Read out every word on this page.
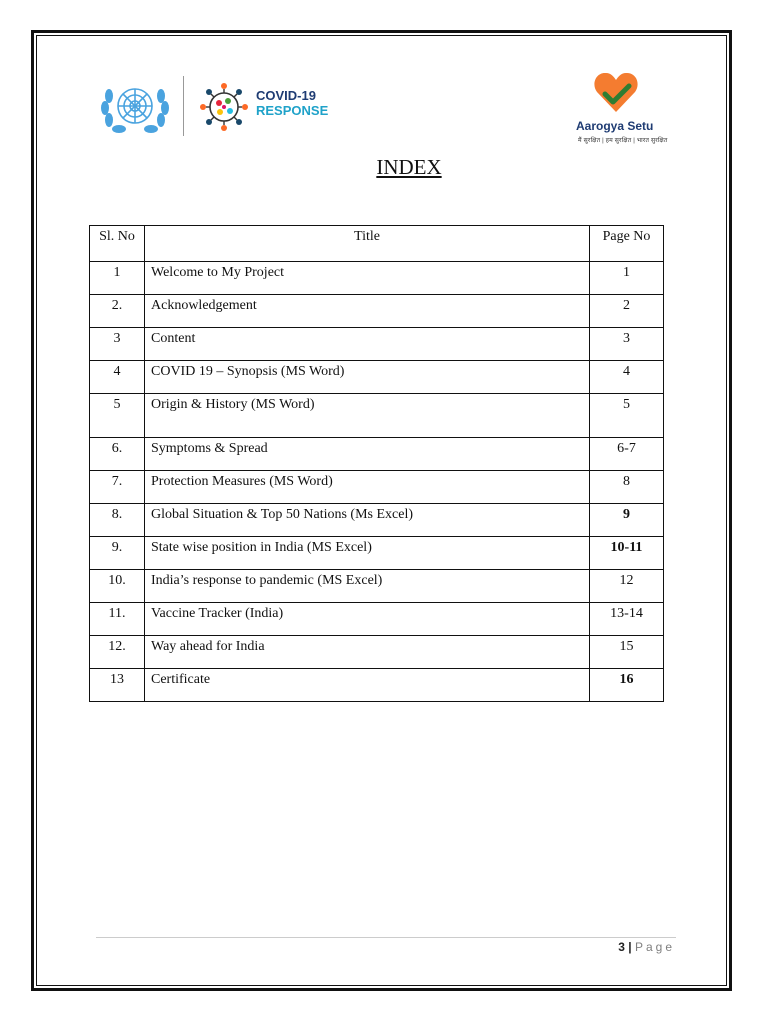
COVID-19
RESPONSE
Aarogya Setu
मैं सुरक्षित | हम सुरक्षित | भारत सुरक्षित
INDEX
Sl. No	Title	Page No
1	Welcome to My Project	1
2.	Acknowledgement	2
3	Content	3
4	COVID 19 – Synopsis (MS Word)	4
5	Origin & History (MS Word)	5
6.	Symptoms & Spread	6-7
7.	Protection Measures (MS Word)	8
8.	Global Situation & Top 50 Nations (Ms Excel)	9
9.	State wise position in India (MS Excel)	10-11
10.	India’s response to pandemic (MS Excel)	12
11.	Vaccine Tracker (India)	13-14
12.	Way ahead for India	15
13	Certificate	16
3 | Page
